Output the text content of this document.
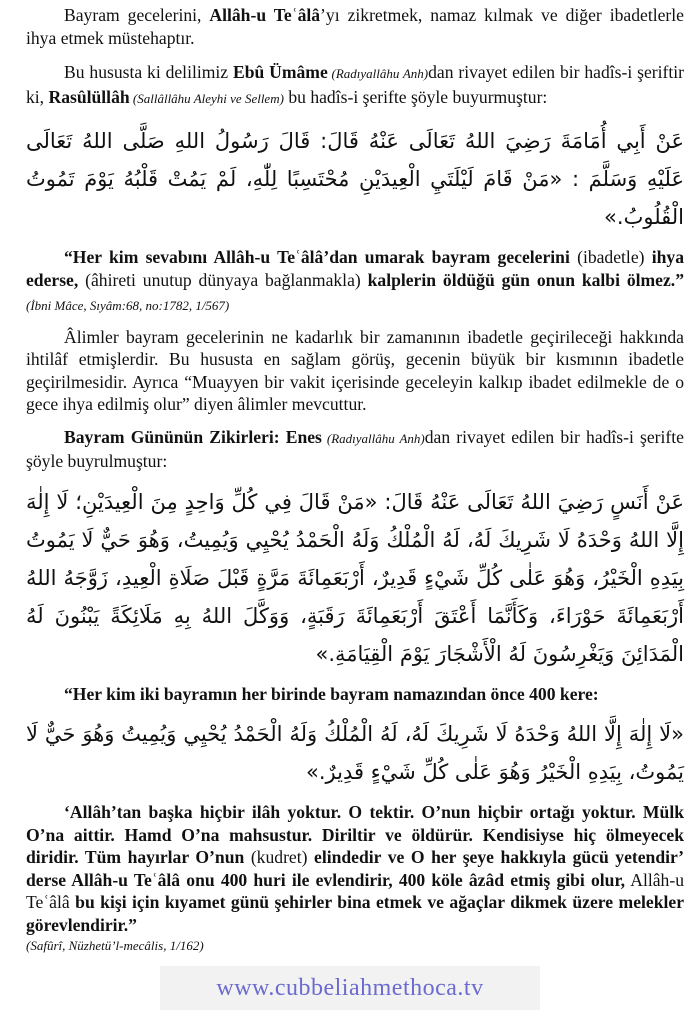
Bayram gecelerini, Allâh-u Teʿâlâ’yı zikretmek, namaz kılmak ve diğer ibadetlerle ihya etmek müstehaptır.

Bu hususta ki delilimiz Ebû Ümâme (Radıyallâhu Anh)dan rivayet edilen bir hadîs-i şeriftir ki, Rasûlüllâh (Sallâllâhu Aleyhi ve Sellem) bu hadîs-i şerifte şöyle buyurmuştur:

عَنْ أَبِي أُمَامَةَ رَضِيَ اللهُ تَعَالَى عَنْهُ قَالَ: قَالَ رَسُولُ اللهِ صَلَّى اللهُ تَعَالَى عَلَيْهِ وَسَلَّمَ : «مَنْ قَامَ لَيْلَتَيِ الْعِيدَيْنِ مُحْتَسِبًا لِلّٰهِ، لَمْ يَمُتْ قَلْبُهُ يَوْمَ تَمُوتُ الْقُلُوبُ.»

“Her kim sevabını Allâh-u Teʿâlâ’dan umarak bayram gecelerini (ibadetle) ihya ederse, (âhireti unutup dünyaya bağlanmakla) kalplerin öldüğü gün onun kalbi ölmez.” (İbni Mâce, Sıyâm:68, no:1782, 1/567)

Âlimler bayram gecelerinin ne kadarlık bir zamanının ibadetle geçirileceği hakkında ihtilâf etmişlerdir. Bu hususta en sağlam görüş, gecenin büyük bir kısmının ibadetle geçirilmesidir. Ayrıca “Muayyen bir vakit içerisinde geceleyin kalkıp ibadet edilmekle de o gece ihya edilmiş olur” diyen âlimler mevcuttur.

Bayram Gününün Zikirleri: Enes (Radıyallâhu Anh)dan rivayet edilen bir hadîs-i şerifte şöyle buyrulmuştur:

عَنْ أَنَسٍ رَضِيَ اللهُ تَعَالَى عَنْهُ قَالَ: «مَنْ قَالَ فِي كُلِّ وَاحِدٍ مِنَ الْعِيدَيْنِ؛ لَا إِلٰهَ إِلَّا اللهُ وَحْدَهُ لَا شَرِيكَ لَهُ، لَهُ الْمُلْكُ وَلَهُ الْحَمْدُ يُحْيِي وَيُمِيتُ، وَهُوَ حَيٌّ لَا يَمُوتُ بِيَدِهِ الْخَيْرُ، وَهُوَ عَلٰى كُلِّ شَيْءٍ قَدِيرٌ، أَرْبَعَمِائَةَ مَرَّةٍ قَبْلَ صَلَاةِ الْعِيدِ، زَوَّجَهُ اللهُ أَرْبَعَمِائَةَ حَوْرَاءَ، وَكَأَنَّمَا أَعْتَقَ أَرْبَعَمِائَةَ رَقَبَةٍ، وَوَكَّلَ اللهُ بِهِ مَلَائِكَةً يَبْنُونَ لَهُ الْمَدَائِنَ وَيَغْرِسُونَ لَهُ الْأَشْجَارَ يَوْمَ الْقِيَامَةِ.»

“Her kim iki bayramın her birinde bayram namazından önce 400 kere:

«لَا إِلٰهَ إِلَّا اللهُ وَحْدَهُ لَا شَرِيكَ لَهُ، لَهُ الْمُلْكُ وَلَهُ الْحَمْدُ يُحْيِي وَيُمِيتُ وَهُوَ حَيٌّ لَا يَمُوتُ، بِيَدِهِ الْخَيْرُ وَهُوَ عَلٰى كُلِّ شَيْءٍ قَدِيرٌ.»

‘Allâh’tan başka hiçbir ilâh yoktur. O tektir. O’nun hiçbir ortağı yoktur. Mülk O’na aittir. Hamd O’na mahsustur. Diriltir ve öldürür. Kendisiyse hiç ölmeyecek diridir. Tüm hayırlar O’nun (kudret) elindedir ve O her şeye hakkıyla gücü yetendir’ derse Allâh-u Teʿâlâ onu 400 huri ile evlendirir, 400 köle âzâd etmiş gibi olur, Allâh-u Teʿâlâ bu kişi için kıyamet günü şehirler bina etmek ve ağaçlar dikmek üzere melekler görevlendirir.”

(Safûrî, Nüzhetü’l-mecâlis, 1/162)

www.cubbeliahmethoca.tv
